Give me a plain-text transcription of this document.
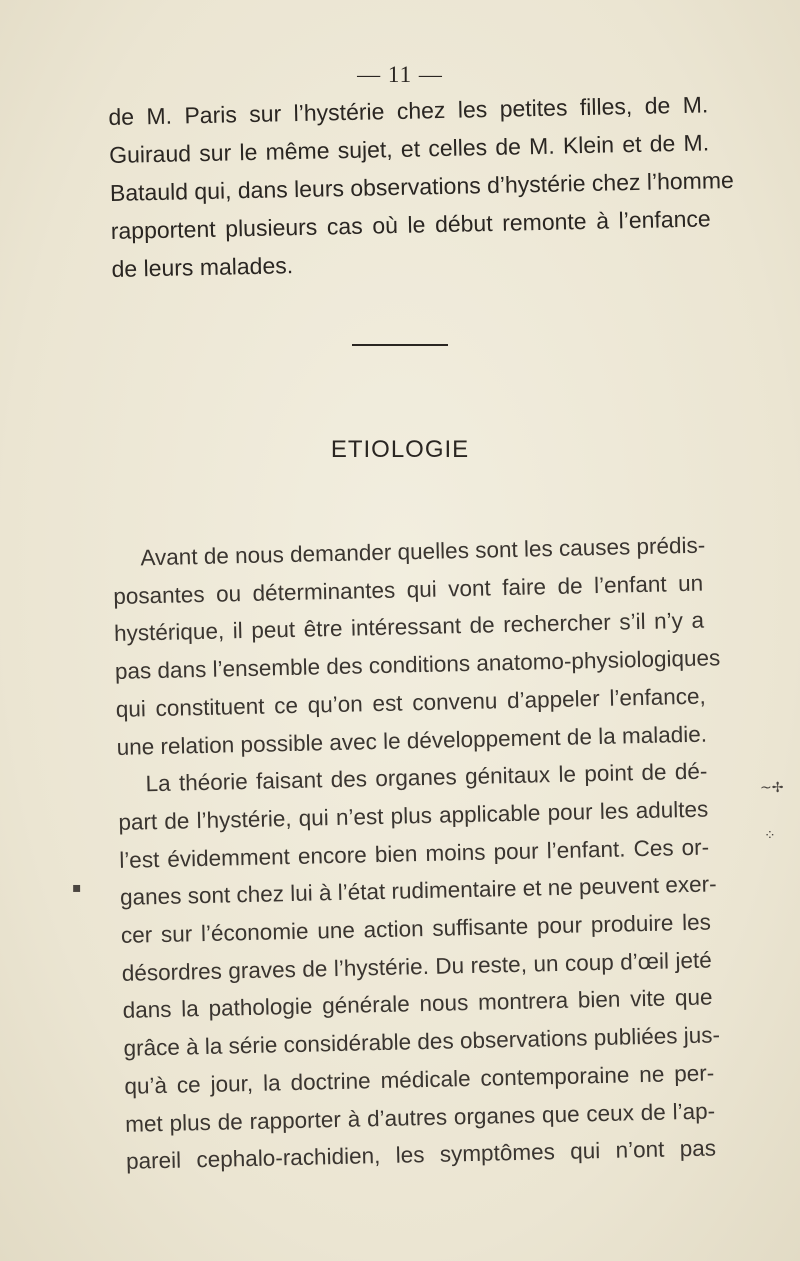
— 11 —
de M. Paris sur l’hystérie chez les petites filles, de M.
Guiraud sur le même sujet, et celles de M. Klein et de M.
Batauld qui, dans leurs observations d’hystérie chez l’homme
rapportent plusieurs cas où le début remonte à l’enfance
de leurs malades.
ETIOLOGIE
Avant de nous demander quelles sont les causes prédis-
posantes ou déterminantes qui vont faire de l’enfant un
hystérique, il peut être intéressant de rechercher s’il n’y a
pas dans l’ensemble des conditions anatomo-physiologiques
qui constituent ce qu’on est convenu d’appeler l’enfance,
une relation possible avec le développement de la maladie.
La théorie faisant des organes génitaux le point de dé-
part de l’hystérie, qui n’est plus applicable pour les adultes
l’est évidemment encore bien moins pour l’enfant. Ces or-
ganes sont chez lui à l’état rudimentaire et ne peuvent exer-
cer sur l’économie une action suffisante pour produire les
désordres graves de l’hystérie. Du reste, un coup d’œil jeté
dans la pathologie générale nous montrera bien vite que
grâce à la série considérable des observations publiées jus-
qu’à ce jour, la doctrine médicale contemporaine ne per-
met plus de rapporter à d’autres organes que ceux de l’ap-
pareil cephalo-rachidien, les symptômes qui n’ont pas
~✢
⁘
▪
